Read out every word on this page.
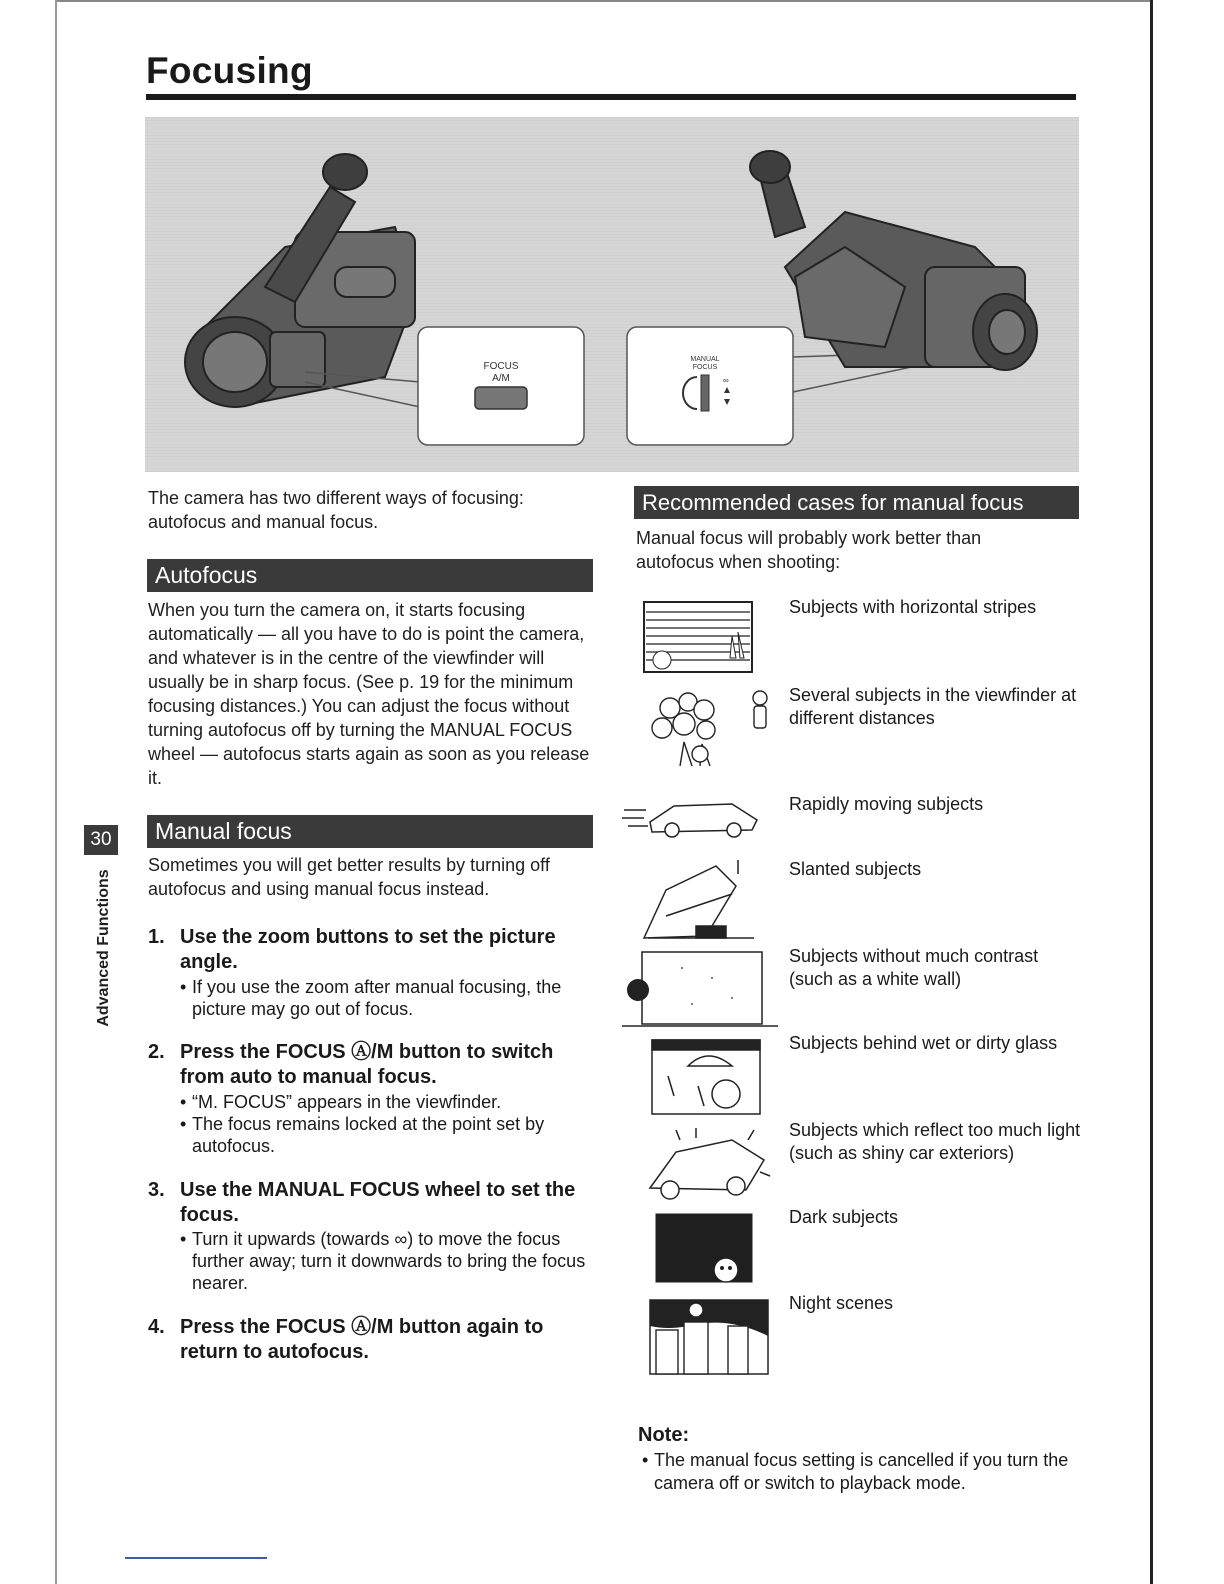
Focusing
FOCUS
A/M
MANUAL
FOCUS
∞
The camera has two different ways of focusing: autofocus and manual focus.
Autofocus
When you turn the camera on, it starts focusing automatically — all you have to do is point the camera, and whatever is in the centre of the viewfinder will usually be in sharp focus. (See p. 19 for the minimum focusing distances.) You can adjust the focus without turning autofocus off by turning the MANUAL FOCUS wheel — autofocus starts again as soon as you release it.
Manual focus
Sometimes you will get better results by turning off autofocus and using manual focus instead.
1. Use the zoom buttons to set the picture angle.
• If you use the zoom after manual focusing, the picture may go out of focus.
2. Press the FOCUS Ⓐ/M button to switch from auto to manual focus.
• “M. FOCUS” appears in the viewfinder.
• The focus remains locked at the point set by autofocus.
3. Use the MANUAL FOCUS wheel to set the focus.
• Turn it upwards (towards ∞) to move the focus further away; turn it downwards to bring the focus nearer.
4. Press the FOCUS Ⓐ/M button again to return to autofocus.
30
Advanced Functions
Recommended cases for manual focus
Manual focus will probably work better than autofocus when shooting:
Subjects with horizontal stripes
Several subjects in the viewfinder at different distances
Rapidly moving subjects
Slanted subjects
Subjects without much contrast (such as a white wall)
Subjects behind wet or dirty glass
Subjects which reflect too much light (such as shiny car exteriors)
Dark subjects
Night scenes
Note:
• The manual focus setting is cancelled if you turn the camera off or switch to playback mode.
